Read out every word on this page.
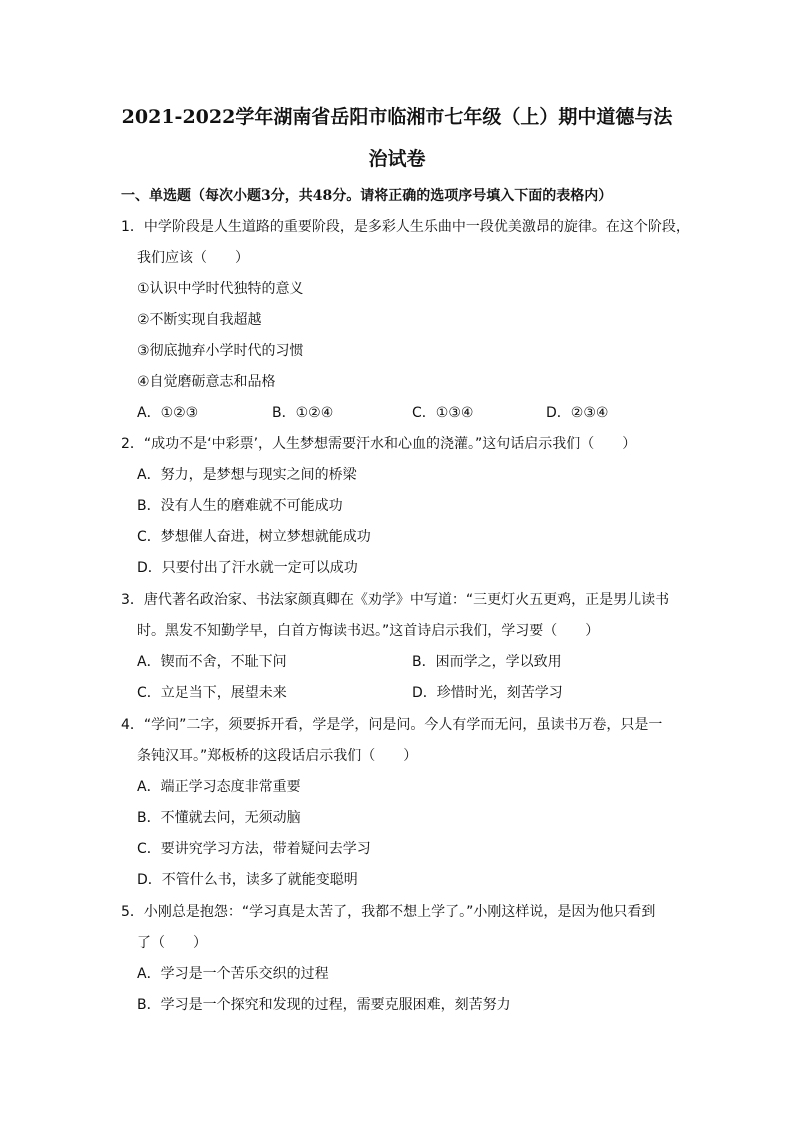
2021-2022学年湖南省岳阳市临湘市七年级（上）期中道德与法
治试卷
一、单选题（每次小题3分，共48分。请将正确的选项序号填入下面的表格内）
1．中学阶段是人生道路的重要阶段，是多彩人生乐曲中一段优美激昂的旋律。在这个阶段，
我们应该（　　）
①认识中学时代独特的意义
②不断实现自我超越
③彻底抛弃小学时代的习惯
④自觉磨砺意志和品格
A．①②③	B．①②④	C．①③④	D．②③④
2．“成功不是‘中彩票’，人生梦想需要汗水和心血的浇灌。”这句话启示我们（　　）
A．努力，是梦想与现实之间的桥梁
B．没有人生的磨难就不可能成功
C．梦想催人奋进，树立梦想就能成功
D．只要付出了汗水就一定可以成功
3．唐代著名政治家、书法家颜真卿在《劝学》中写道：“三更灯火五更鸡，正是男儿读书
时。黑发不知勤学早，白首方悔读书迟。”这首诗启示我们，学习要（　　）
A．锲而不舍，不耻下问	B．困而学之，学以致用
C．立足当下，展望未来	D．珍惜时光，刻苦学习
4．“学问”二字，须要拆开看，学是学，问是问。今人有学而无问，虽读书万卷，只是一
条钝汉耳。”郑板桥的这段话启示我们（　　）
A．端正学习态度非常重要
B．不懂就去问，无须动脑
C．要讲究学习方法，带着疑问去学习
D．不管什么书，读多了就能变聪明
5．小刚总是抱怨：“学习真是太苦了，我都不想上学了。”小刚这样说，是因为他只看到
了（　　）
A．学习是一个苦乐交织的过程
B．学习是一个探究和发现的过程，需要克服困难，刻苦努力
